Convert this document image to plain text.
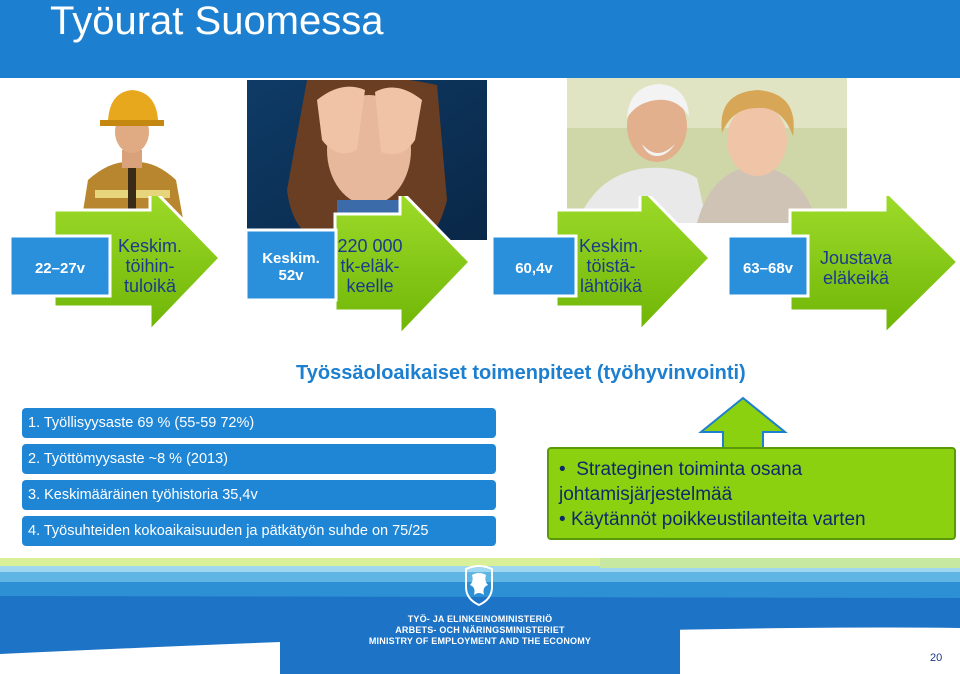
Työurat Suomessa
22–27v
Keskim.
töihin-
tuloikä
Keskim.
52v
220 000
tk-eläk-
keelle
60,4v
Keskim.
töistä-
lähtöikä
63–68v
Joustava
eläkeikä
Työssäoloaikaiset toimenpiteet (työhyvinvointi)
1. Työllisyysaste 69 % (55-59 72%)
2. Työttömyysaste ~8 % (2013)
3. Keskimääräinen työhistoria 35,4v
4. Työsuhteiden kokoaikaisuuden ja pätkätyön suhde on 75/25
•  Strateginen toiminta osana johtamisjärjestelmää
• Käytännöt poikkeustilanteita varten
TYÖ- JA ELINKEINOMINISTERIÖ
ARBETS- OCH NÄRINGSMINISTERIET
MINISTRY OF EMPLOYMENT AND THE ECONOMY
20
